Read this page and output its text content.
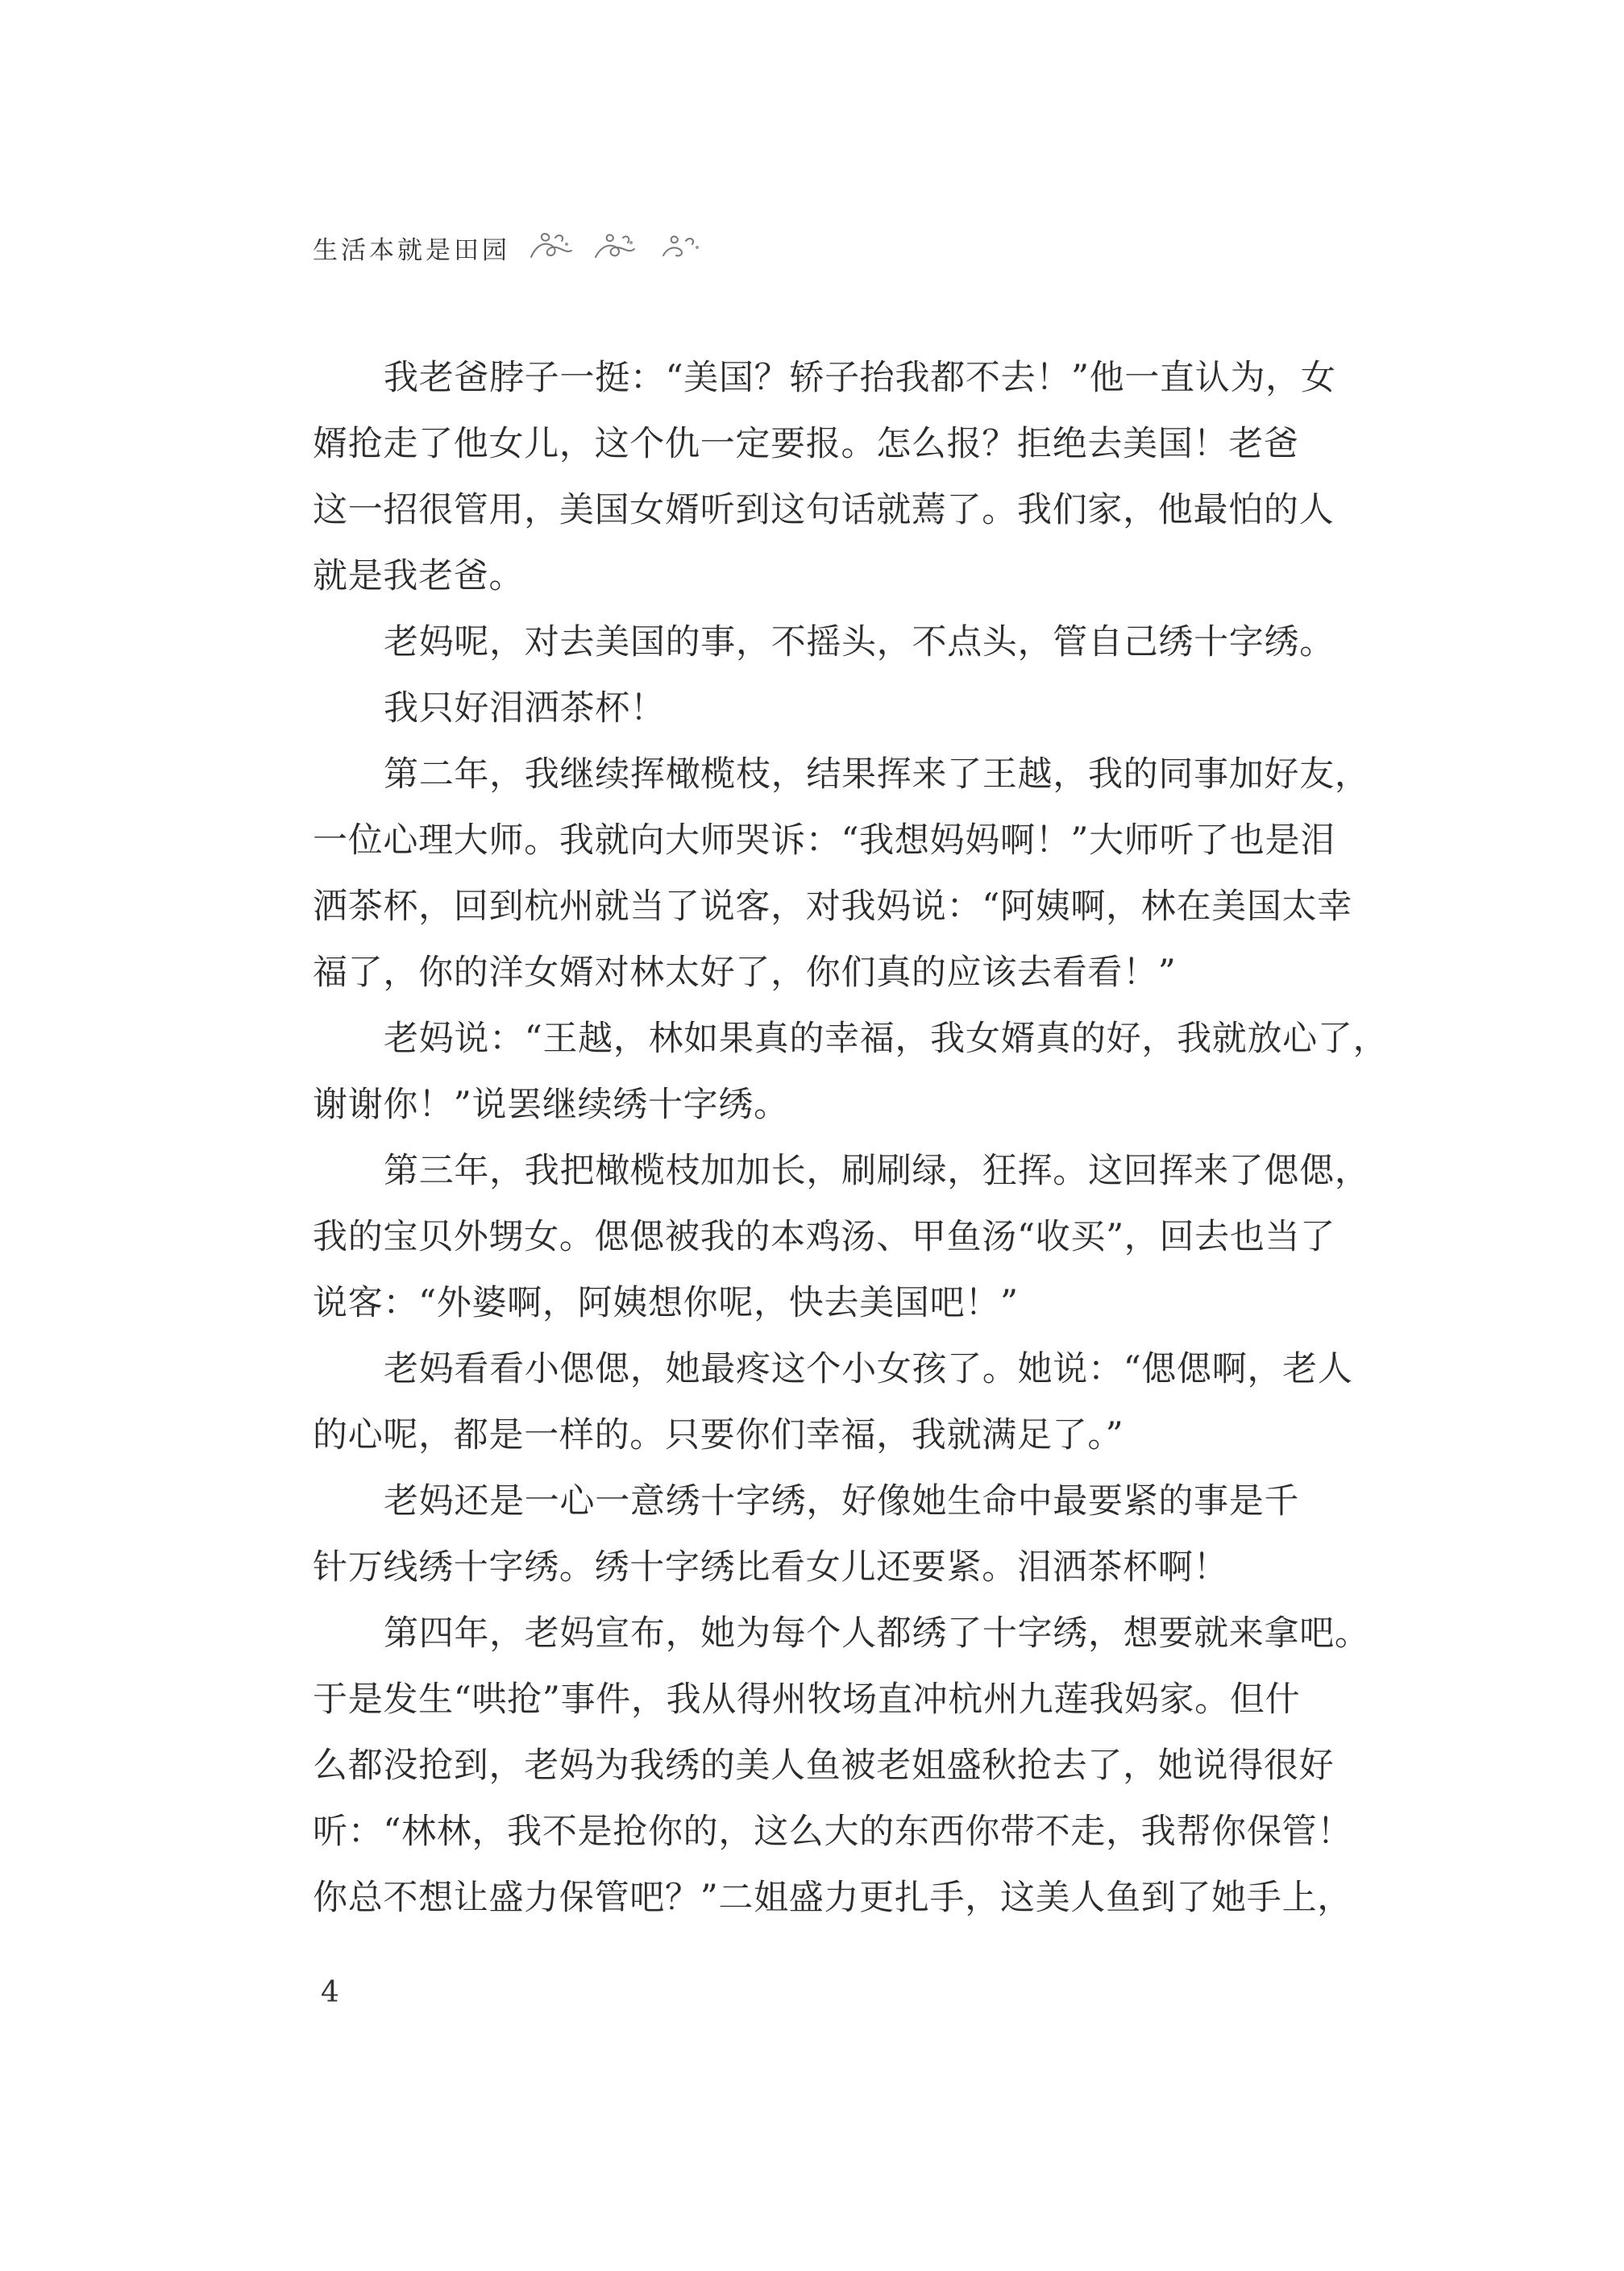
生活本就是田园
我老爸脖子一挺：“美国？轿子抬我都不去！”他一直认为，女
婿抢走了他女儿，这个仇一定要报。怎么报？拒绝去美国！老爸
这一招很管用，美国女婿听到这句话就蔫了。我们家，他最怕的人
就是我老爸。
老妈呢，对去美国的事，不摇头，不点头，管自己绣十字绣。
我只好泪洒茶杯！
第二年，我继续挥橄榄枝，结果挥来了王越，我的同事加好友，
一位心理大师。我就向大师哭诉：“我想妈妈啊！”大师听了也是泪
洒茶杯，回到杭州就当了说客，对我妈说：“阿姨啊，林在美国太幸
福了，你的洋女婿对林太好了，你们真的应该去看看！”
老妈说：“王越，林如果真的幸福，我女婿真的好，我就放心了，
谢谢你！”说罢继续绣十字绣。
第三年，我把橄榄枝加加长，刷刷绿，狂挥。这回挥来了偲偲，
我的宝贝外甥女。偲偲被我的本鸡汤、甲鱼汤“收买”，回去也当了
说客：“外婆啊，阿姨想你呢，快去美国吧！”
老妈看看小偲偲，她最疼这个小女孩了。她说：“偲偲啊，老人
的心呢，都是一样的。只要你们幸福，我就满足了。”
老妈还是一心一意绣十字绣，好像她生命中最要紧的事是千
针万线绣十字绣。绣十字绣比看女儿还要紧。泪洒茶杯啊！
第四年，老妈宣布，她为每个人都绣了十字绣，想要就来拿吧。
于是发生“哄抢”事件，我从得州牧场直冲杭州九莲我妈家。但什
么都没抢到，老妈为我绣的美人鱼被老姐盛秋抢去了，她说得很好
听：“林林，我不是抢你的，这么大的东西你带不走，我帮你保管！
你总不想让盛力保管吧？”二姐盛力更扎手，这美人鱼到了她手上，
4
